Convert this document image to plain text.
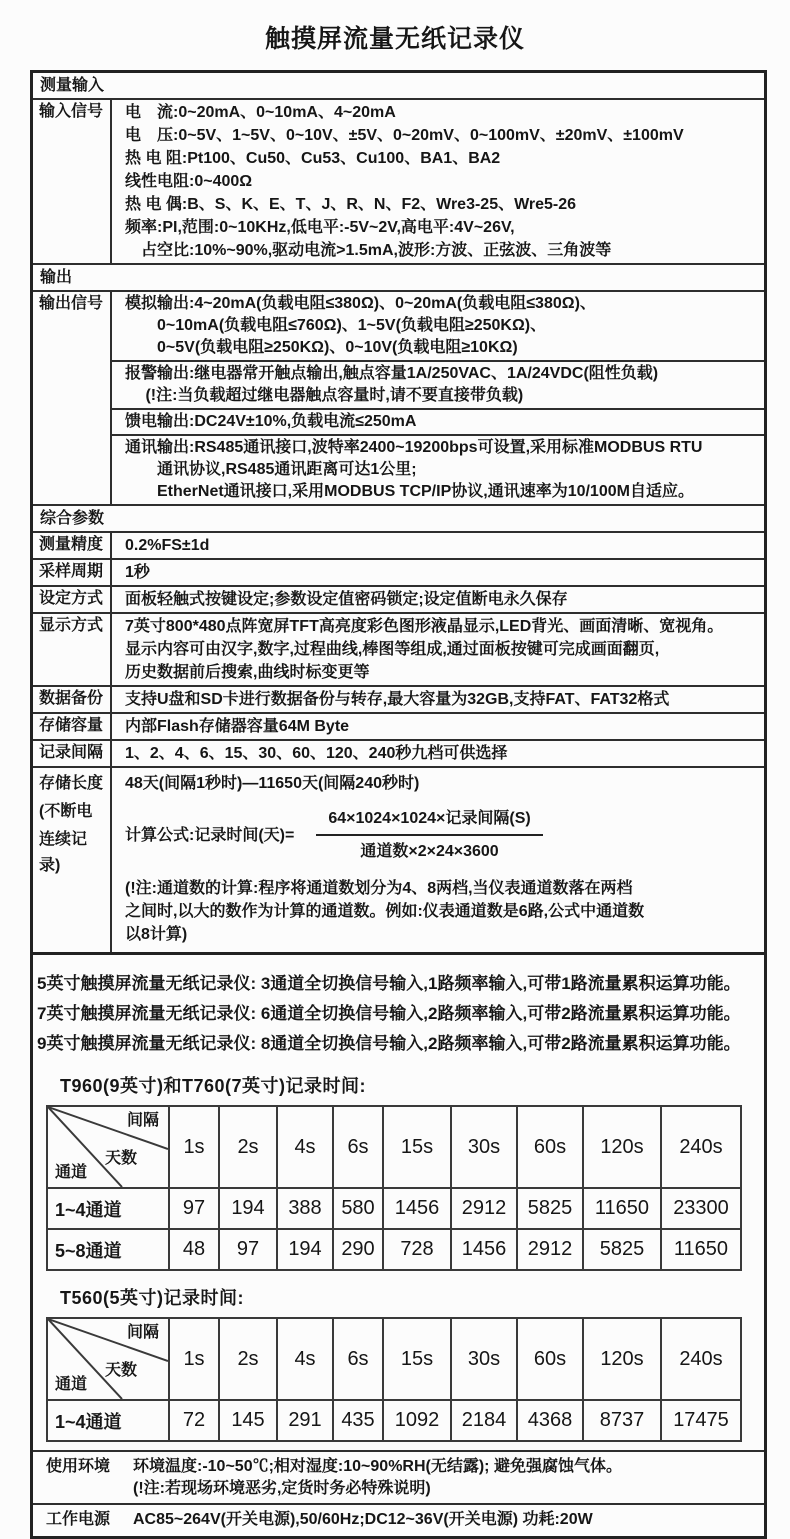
触摸屏流量无纸记录仪
测量输入
输入信号	电　流:0~20mA、0~10mA、4~20mA
电　压:0~5V、1~5V、0~10V、±5V、0~20mV、0~100mV、±20mV、±100mV
热 电 阻:Pt100、Cu50、Cu53、Cu100、BA1、BA2
线性电阻:0~400Ω
热 电 偶:B、S、K、E、T、J、R、N、F2、Wre3-25、Wre5-26
频率:PI,范围:0~10KHz,低电平:-5V~2V,高电平:4V~26V,
　占空比:10%~90%,驱动电流>1.5mA,波形:方波、正弦波、三角波等
输出
输出信号	模拟输出:4~20mA(负载电阻≤380Ω)、0~20mA(负载电阻≤380Ω)、
　　0~10mA(负载电阻≤760Ω)、1~5V(负载电阻≥250KΩ)、
　　0~5V(负载电阻≥250KΩ)、0~10V(负载电阻≥10KΩ)
报警输出:继电器常开触点输出,触点容量1A/250VAC、1A/24VDC(阻性负载)
　 (!注:当负载超过继电器触点容量时,请不要直接带负载)
馈电输出:DC24V±10%,负载电流≤250mA
通讯输出:RS485通讯接口,波特率2400~19200bps可设置,采用标准MODBUS RTU
　　通讯协议,RS485通讯距离可达1公里;
　　EtherNet通讯接口,采用MODBUS TCP/IP协议,通讯速率为10/100M自适应。
综合参数
测量精度	0.2%FS±1d
采样周期	1秒
设定方式	面板轻触式按键设定;参数设定值密码锁定;设定值断电永久保存
显示方式	7英寸800*480点阵宽屏TFT高亮度彩色图形液晶显示,LED背光、画面清晰、宽视角。
显示内容可由汉字,数字,过程曲线,棒图等组成,通过面板按键可完成画面翻页,
历史数据前后搜索,曲线时标变更等
数据备份	支持U盘和SD卡进行数据备份与转存,最大容量为32GB,支持FAT、FAT32格式
存储容量	内部Flash存储器容量64M Byte
记录间隔	1、2、4、6、15、30、60、120、240秒九档可供选择
存储长度
(不断电
连续记录)
48天(间隔1秒时)—11650天(间隔240秒时)
计算公式:记录时间(天)= $\frac{\text{64×1024×1024×记录间隔(S)}}{\text{通道数×2×24×3600}}$
(!注:通道数的计算:程序将通道数划分为4、8两档,当仪表通道数落在两档
之间时,以大的数作为计算的通道数。例如:仪表通道数是6路,公式中通道数
以8计算)
5英寸触摸屏流量无纸记录仪: 3通道全切换信号输入,1路频率输入,可带1路流量累积运算功能。
7英寸触摸屏流量无纸记录仪: 6通道全切换信号输入,2路频率输入,可带2路流量累积运算功能。
9英寸触摸屏流量无纸记录仪: 8通道全切换信号输入,2路频率输入,可带2路流量累积运算功能。
T960(9英寸)和T760(7英寸)记录时间:
间隔
天数
通道	1s	2s	4s	6s	15s	30s	60s	120s	240s
1~4通道	97	194	388	580	1456	2912	5825	11650	23300
5~8通道	48	97	194	290	728	1456	2912	5825	11650
T560(5英寸)记录时间:
间隔
天数
通道	1s	2s	4s	6s	15s	30s	60s	120s	240s
1~4通道	72	145	291	435	1092	2184	4368	8737	17475
使用环境	环境温度:-10~50℃;相对湿度:10~90%RH(无结露); 避免强腐蚀气体。
(!注:若现场环境恶劣,定货时务必特殊说明)
工作电源	AC85~264V(开关电源),50/60Hz;DC12~36V(开关电源) 功耗:20W
